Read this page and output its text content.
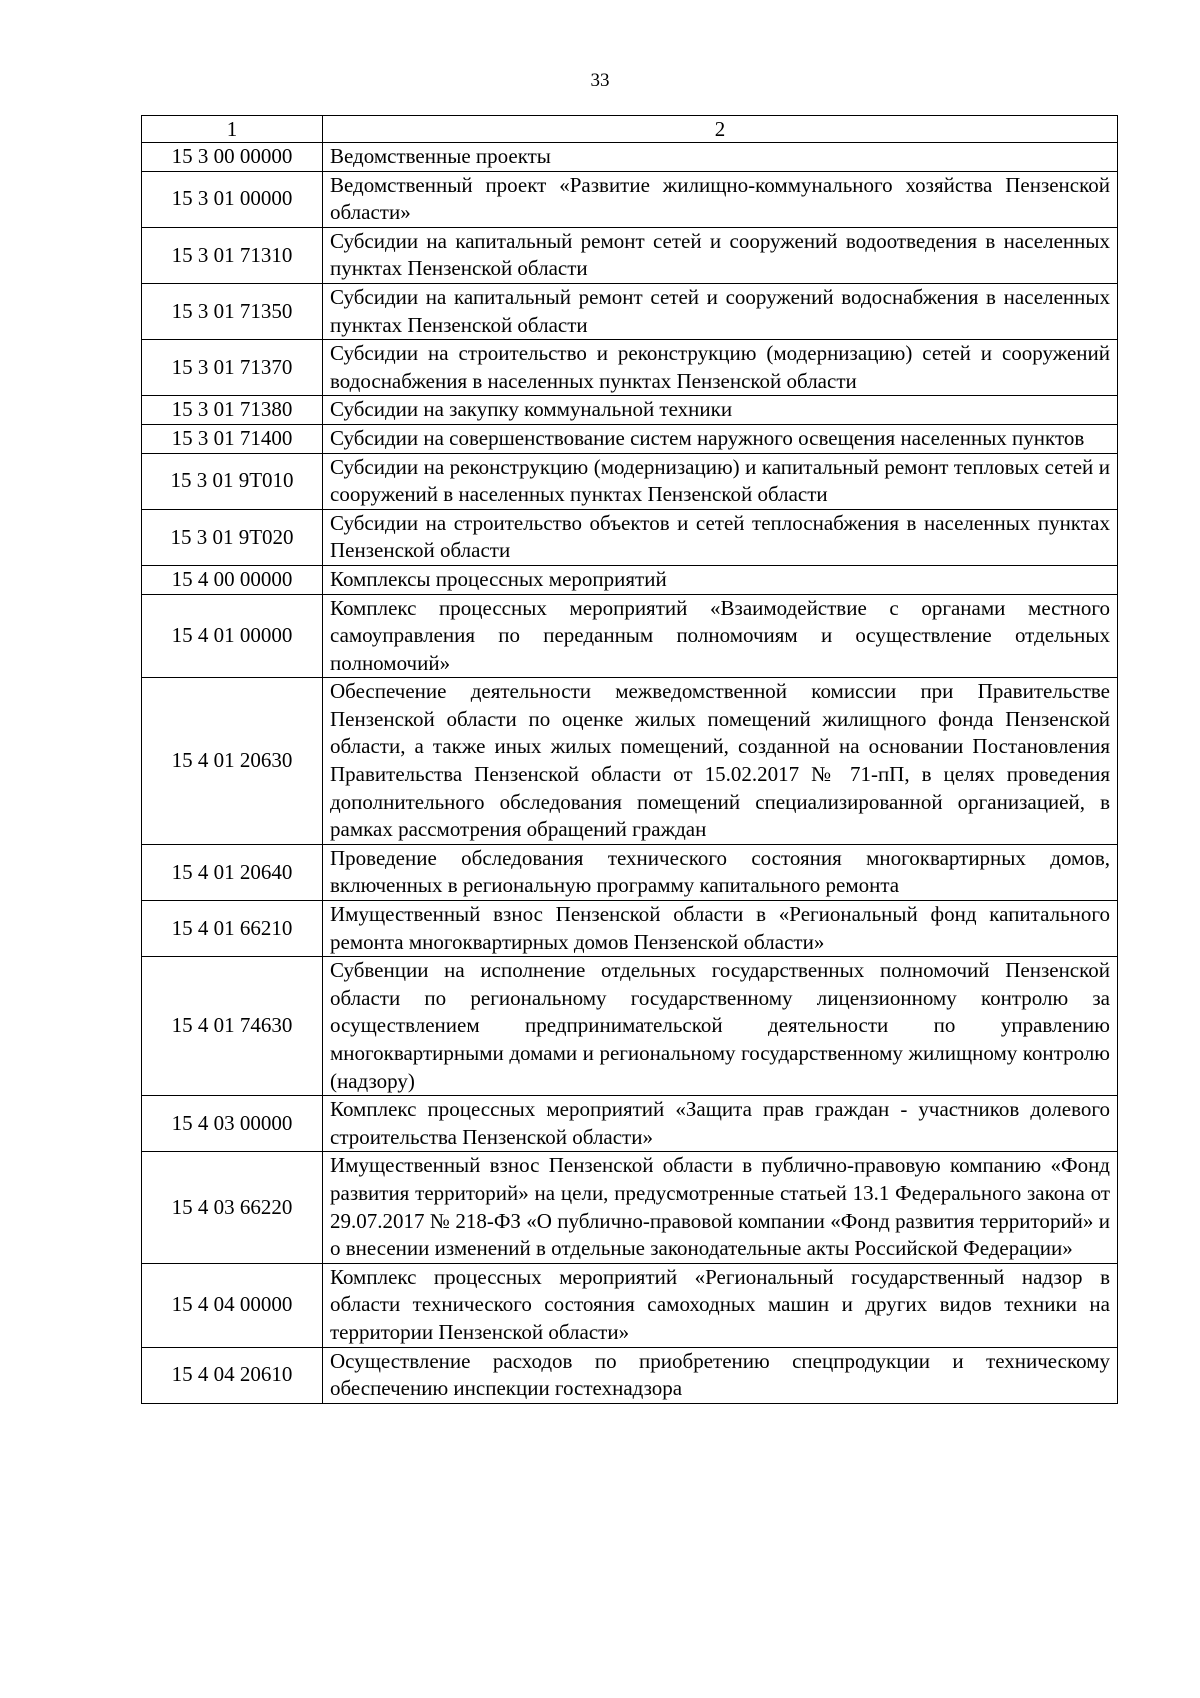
33
1	2
15 3 00 00000	Ведомственные проекты
15 3 01 00000	Ведомственный проект «Развитие жилищно-коммунального хозяйства Пензенской области»
15 3 01 71310	Субсидии на капитальный ремонт сетей и сооружений водоотведения в населенных пунктах Пензенской области
15 3 01 71350	Субсидии на капитальный ремонт сетей и сооружений водоснабжения в населенных пунктах Пензенской области
15 3 01 71370	Субсидии на строительство и реконструкцию (модернизацию) сетей и сооружений водоснабжения в населенных пунктах Пензенской области
15 3 01 71380	Субсидии на закупку коммунальной техники
15 3 01 71400	Субсидии на совершенствование систем наружного освещения населенных пунктов
15 3 01 9Т010	Субсидии на реконструкцию (модернизацию) и капитальный ремонт тепловых сетей и сооружений в населенных пунктах Пензенской области
15 3 01 9Т020	Субсидии на строительство объектов и сетей теплоснабжения в населенных пунктах Пензенской области
15 4 00 00000	Комплексы процессных мероприятий
15 4 01 00000	Комплекс процессных мероприятий «Взаимодействие с органами местного самоуправления по переданным полномочиям и осуществление отдельных полномочий»
15 4 01 20630	Обеспечение деятельности межведомственной комиссии при Правительстве Пензенской области по оценке жилых помещений жилищного фонда Пензенской области, а также иных жилых помещений, созданной на основании Постановления Правительства Пензенской области от 15.02.2017 № 71-пП, в целях проведения дополнительного обследования помещений специализированной организацией, в рамках рассмотрения обращений граждан
15 4 01 20640	Проведение обследования технического состояния многоквартирных домов, включенных в региональную программу капитального ремонта
15 4 01 66210	Имущественный взнос Пензенской области в «Региональный фонд капитального ремонта многоквартирных домов Пензенской области»
15 4 01 74630	Субвенции на исполнение отдельных государственных полномочий Пензенской области по региональному государственному лицензионному контролю за осуществлением предпринимательской деятельности по управлению многоквартирными домами и региональному государственному жилищному контролю (надзору)
15 4 03 00000	Комплекс процессных мероприятий «Защита прав граждан - участников долевого строительства Пензенской области»
15 4 03 66220	Имущественный взнос Пензенской области в публично-правовую компанию «Фонд развития территорий» на цели, предусмотренные статьей 13.1 Федерального закона от 29.07.2017 № 218-ФЗ «О публично-правовой компании «Фонд развития территорий» и о внесении изменений в отдельные законодательные акты Российской Федерации»
15 4 04 00000	Комплекс процессных мероприятий «Региональный государственный надзор в области технического состояния самоходных машин и других видов техники на территории Пензенской области»
15 4 04 20610	Осуществление расходов по приобретению спецпродукции и техническому обеспечению инспекции гостехнадзора
